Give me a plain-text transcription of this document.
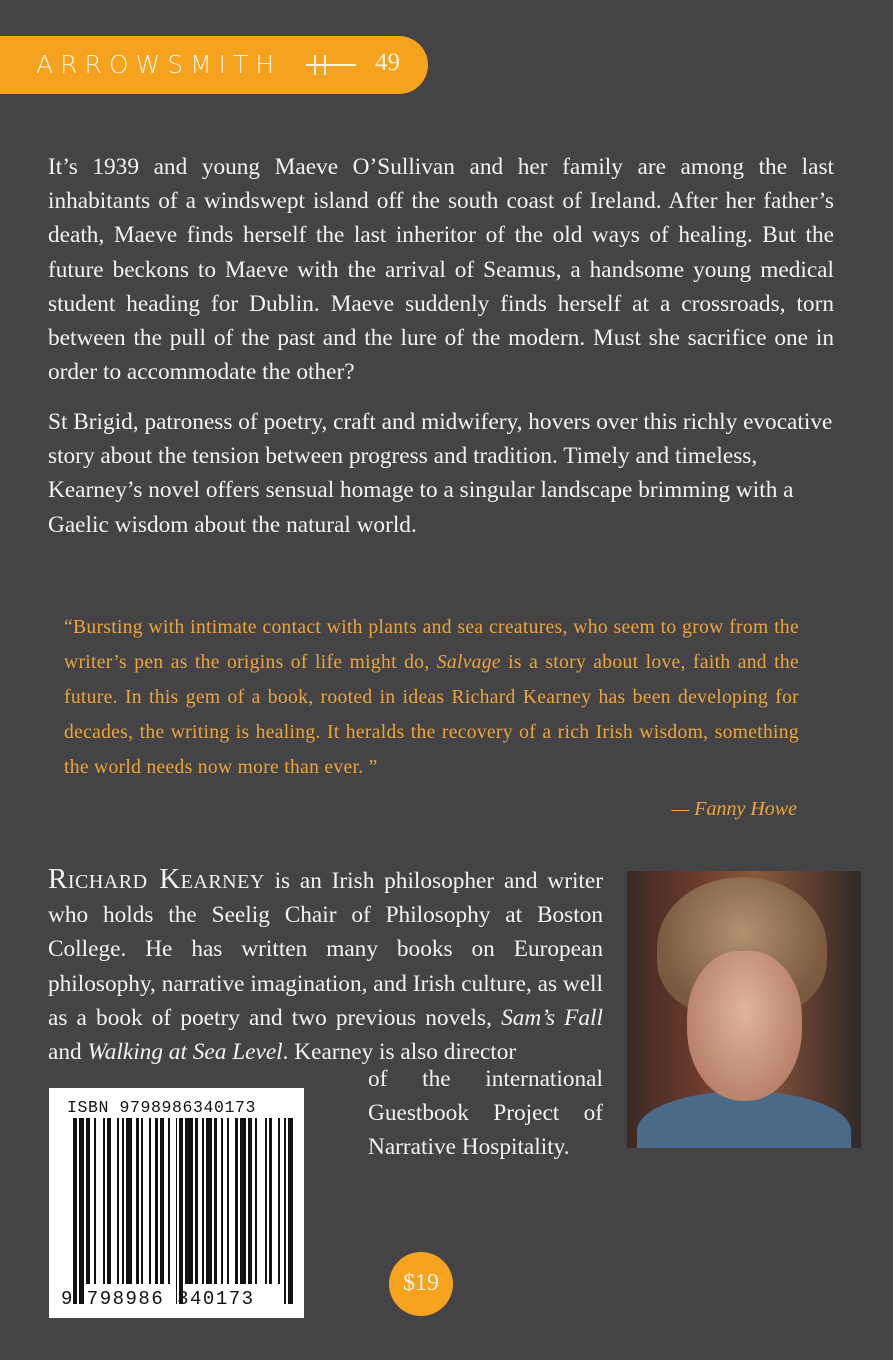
ARROWSMITH	49
It’s 1939 and young Maeve O’Sullivan and her family are among the last inhabitants of a windswept island off the south coast of Ireland. After her father’s death, Maeve finds herself the last inheritor of the old ways of healing. But the future beckons to Maeve with the arrival of Seamus, a handsome young medical student heading for Dublin. Maeve suddenly finds herself at a crossroads, torn between the pull of the past and the lure of the modern. Must she sacrifice one in order to accommodate the other?
St Brigid, patroness of poetry, craft and midwifery, hovers over this richly evocative story about the tension between progress and tradition. Timely and timeless, Kearney’s novel offers sensual homage to a singular landscape brimming with a Gaelic wisdom about the natural world.
“Bursting with intimate contact with plants and sea creatures, who seem to grow from the writer’s pen as the origins of life might do, Salvage is a story about love, faith and the future. In this gem of a book, rooted in ideas Richard Kearney has been developing for decades, the writing is healing. It heralds the recovery of a rich Irish wisdom, something the world needs now more than ever. ”
— Fanny Howe
Richard Kearney is an Irish philosopher and writer who holds the Seelig Chair of Philosophy at Boston College. He has written many books on European philosophy, narrative imagination, and Irish culture, as well as a book of poetry and two previous novels, Sam’s Fall and Walking at Sea Level. Kearney is also director
of the international Guestbook Project of Narrative Hospitality.
ISBN 9798986340173
9 798986 340173
$19
